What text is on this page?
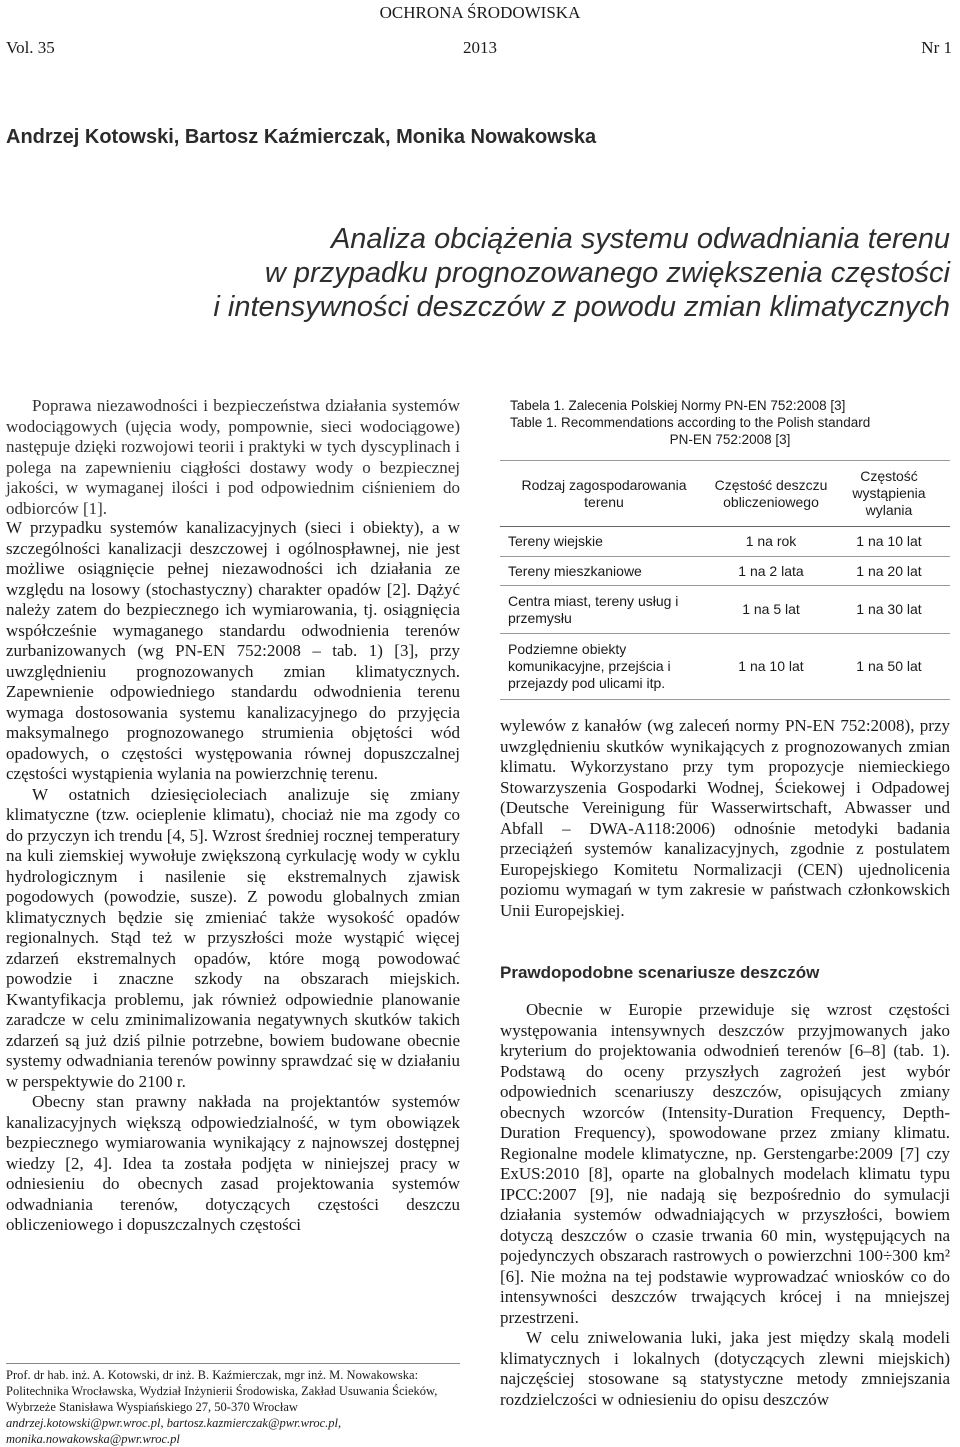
OCHRONA ŚRODOWISKA
Vol. 35	2013	Nr 1
Andrzej Kotowski, Bartosz Kaźmierczak, Monika Nowakowska
Analiza obciążenia systemu odwadniania terenu
w przypadku prognozowanego zwiększenia częstości
i intensywności deszczów z powodu zmian klimatycznych

Poprawa niezawodności i bezpieczeństwa działania systemów wodociągowych (ujęcia wody, pompownie, sieci wodociągowe) następuje dzięki rozwojowi teorii i praktyki w tych dyscyplinach i polega na zapewnieniu ciągłości dostawy wody o bezpiecznej jakości, w wymaganej ilości i pod odpowiednim ciśnieniem do odbiorców [1].

W przypadku systemów kanalizacyjnych (sieci i obiekty), a w szczególności kanalizacji deszczowej i ogólnospławnej, nie jest możliwe osiągnięcie pełnej niezawodności ich działania ze względu na losowy (stochastyczny) charakter opadów [2]. Dążyć należy zatem do bezpiecznego ich wymiarowania, tj. osiągnięcia współcześnie wymaganego standardu odwodnienia terenów zurbanizowanych (wg PN-EN 752:2008 – tab. 1) [3], przy uwzględnieniu prognozowanych zmian klimatycznych. Zapewnienie odpowiedniego standardu odwodnienia terenu wymaga dostosowania systemu kanalizacyjnego do przyjęcia maksymalnego prognozowanego strumienia objętości wód opadowych, o częstości występowania równej dopuszczalnej częstości wystąpienia wylania na powierzchnię terenu.

W ostatnich dziesięcioleciach analizuje się zmiany klimatyczne (tzw. ocieplenie klimatu), chociaż nie ma zgody co do przyczyn ich trendu [4, 5]. Wzrost średniej rocznej temperatury na kuli ziemskiej wywołuje zwiększoną cyrkulację wody w cyklu hydrologicznym i nasilenie się ekstremalnych zjawisk pogodowych (powodzie, susze). Z powodu globalnych zmian klimatycznych będzie się zmieniać także wysokość opadów regionalnych. Stąd też w przyszłości może wystąpić więcej zdarzeń ekstremalnych opadów, które mogą powodować powodzie i znaczne szkody na obszarach miejskich. Kwantyfikacja problemu, jak również odpowiednie planowanie zaradcze w celu zminimalizowania negatywnych skutków takich zdarzeń są już dziś pilnie potrzebne, bowiem budowane obecnie systemy odwadniania terenów powinny sprawdzać się w działaniu w perspektywie do 2100 r.

Obecny stan prawny nakłada na projektantów systemów kanalizacyjnych większą odpowiedzialność, w tym obowiązek bezpiecznego wymiarowania wynikający z najnowszej dostępnej wiedzy [2, 4]. Idea ta została podjęta w niniejszej pracy w odniesieniu do obecnych zasad projektowania systemów odwadniania terenów, dotyczących częstości deszczu obliczeniowego i dopuszczalnych częstości

Prof. dr hab. inż. A. Kotowski, dr inż. B. Kaźmierczak, mgr inż. M. Nowakowska: Politechnika Wrocławska, Wydział Inżynierii Środowiska, Zakład Usuwania Ścieków, Wybrzeże Stanisława Wyspiańskiego 27, 50-370 Wrocław

andrzej.kotowski@pwr.wroc.pl, bartosz.kazmierczak@pwr.wroc.pl,

monika.nowakowska@pwr.wroc.pl

Tabela 1. Zalecenia Polskiej Normy PN-EN 752:2008 [3]

Table 1. Recommendations according to the Polish standard

PN-EN 752:2008 [3]

Rodzaj zagospodarowania terenu	Częstość deszczu obliczeniowego	Częstość wystąpienia wylania
Tereny wiejskie	1 na rok	1 na 10 lat
Tereny mieszkaniowe	1 na 2 lata	1 na 20 lat
Centra miast, tereny usług i przemysłu	1 na 5 lat	1 na 30 lat
Podziemne obiekty komunikacyjne, przejścia i przejazdy pod ulicami itp.	1 na 10 lat	1 na 50 lat

wylewów z kanałów (wg zaleceń normy PN-EN 752:2008), przy uwzględnieniu skutków wynikających z prognozowanych zmian klimatu. Wykorzystano przy tym propozycje niemieckiego Stowarzyszenia Gospodarki Wodnej, Ściekowej i Odpadowej (Deutsche Vereinigung für Wasserwirtschaft, Abwasser und Abfall – DWA-A118:2006) odnośnie metodyki badania przeciążeń systemów kanalizacyjnych, zgodnie z postulatem Europejskiego Komitetu Normalizacji (CEN) ujednolicenia poziomu wymagań w tym zakresie w państwach członkowskich Unii Europejskiej.

Prawdopodobne scenariusze deszczów

Obecnie w Europie przewiduje się wzrost częstości występowania intensywnych deszczów przyjmowanych jako kryterium do projektowania odwodnień terenów [6–8] (tab. 1). Podstawą do oceny przyszłych zagrożeń jest wybór odpowiednich scenariuszy deszczów, opisujących zmiany obecnych wzorców (Intensity-Duration Frequency, Depth-Duration Frequency), spowodowane przez zmiany klimatu. Regionalne modele klimatyczne, np. Gerstengarbe:2009 [7] czy ExUS:2010 [8], oparte na globalnych modelach klimatu typu IPCC:2007 [9], nie nadają się bezpośrednio do symulacji działania systemów odwadniających w przyszłości, bowiem dotyczą deszczów o czasie trwania 60 min, występujących na pojedynczych obszarach rastrowych o powierzchni 100÷300 km² [6]. Nie można na tej podstawie wyprowadzać wniosków co do intensywności deszczów trwających krócej i na mniejszej przestrzeni.

W celu zniwelowania luki, jaka jest między skalą modeli klimatycznych i lokalnych (dotyczących zlewni miejskich) najczęściej stosowane są statystyczne metody zmniejszania rozdzielczości w odniesieniu do opisu deszczów
